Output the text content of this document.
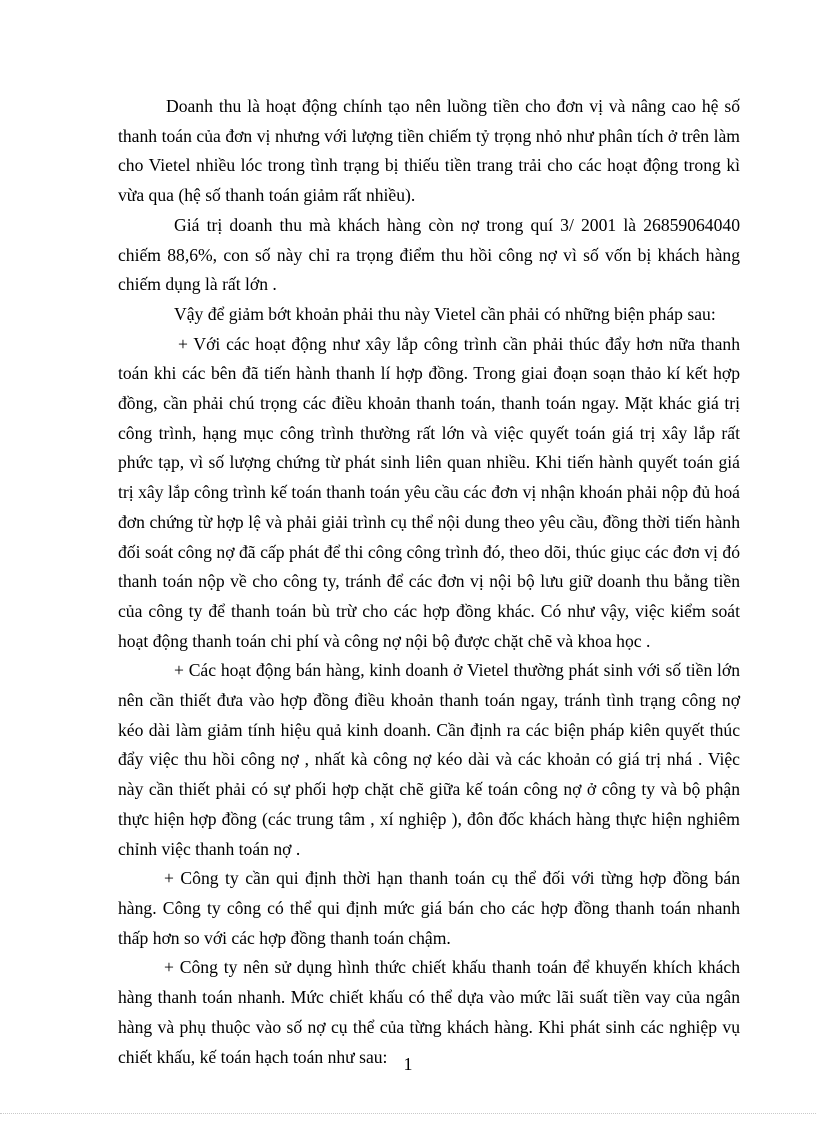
Doanh thu là hoạt động chính tạo nên luồng tiền cho đơn vị và nâng cao hệ số thanh toán của đơn vị nhưng với lượng tiền chiếm tỷ trọng nhỏ như phân tích ở trên làm cho Vietel nhiều lóc trong tình trạng bị thiếu tiền trang trải cho các hoạt động trong kì vừa qua (hệ số thanh toán giảm rất nhiều).

Giá trị doanh thu mà khách hàng còn nợ trong quí 3/ 2001 là 26859064040 chiếm 88,6%, con số này chỉ ra trọng điểm thu hồi công nợ vì số vốn bị khách hàng chiếm dụng là rất lớn .

Vậy để giảm bớt khoản phải thu này Vietel cần phải có những biện pháp sau:

+ Với các hoạt động như xây lắp công trình cần phải thúc đẩy hơn nữa thanh toán khi các bên đã tiến hành thanh lí hợp đồng. Trong giai đoạn soạn thảo kí kết hợp đồng, cần phải chú trọng các điều khoản thanh toán, thanh toán ngay. Mặt khác giá trị công trình, hạng mục công trình thường rất lớn và việc quyết toán giá trị xây lắp rất phức tạp, vì số lượng chứng từ phát sinh liên quan nhiều. Khi tiến hành quyết toán giá trị xây lắp công trình kế toán thanh toán yêu cầu các đơn vị nhận khoán phải nộp đủ hoá đơn chứng từ hợp lệ và phải giải trình cụ thể nội dung theo yêu cầu, đồng thời tiến hành đối soát công nợ đã cấp phát để thi công công trình đó, theo dõi, thúc giục các đơn vị đó thanh toán nộp về cho công ty, tránh để các đơn vị nội bộ lưu giữ doanh thu bằng tiền của công ty để thanh toán bù trừ cho các hợp đồng khác. Có như vậy, việc kiểm soát hoạt động thanh toán chi phí và công nợ nội bộ được chặt chẽ và khoa học .

+ Các hoạt động bán hàng, kinh doanh ở Vietel thường phát sinh với số tiền lớn nên cần thiết đưa vào hợp đồng điều khoản thanh toán ngay, tránh tình trạng công nợ kéo dài làm giảm tính hiệu quả kinh doanh. Cần định ra các biện pháp kiên quyết thúc đẩy việc thu hồi công nợ , nhất kà công nợ kéo dài và các khoản có giá trị nhá . Việc này cần thiết phải có sự phối hợp chặt chẽ giữa kế toán công nợ ở công ty và bộ phận thực hiện hợp đồng (các trung tâm , xí nghiệp ), đôn đốc khách hàng thực hiện nghiêm chỉnh việc thanh toán nợ .

+ Công ty cần qui định thời hạn thanh toán cụ thể đối với từng hợp đồng bán hàng. Công ty công có thể qui định mức giá bán cho các hợp đồng thanh toán nhanh thấp hơn so với các hợp đồng thanh toán chậm.

+ Công ty nên sử dụng hình thức chiết khấu thanh toán để khuyến khích khách hàng thanh toán nhanh. Mức chiết khấu có thể dựa vào mức lãi suất tiền vay của ngân hàng và phụ thuộc vào số nợ cụ thể của từng khách hàng. Khi phát sinh các nghiệp vụ chiết khấu, kế toán hạch toán như sau: 1
